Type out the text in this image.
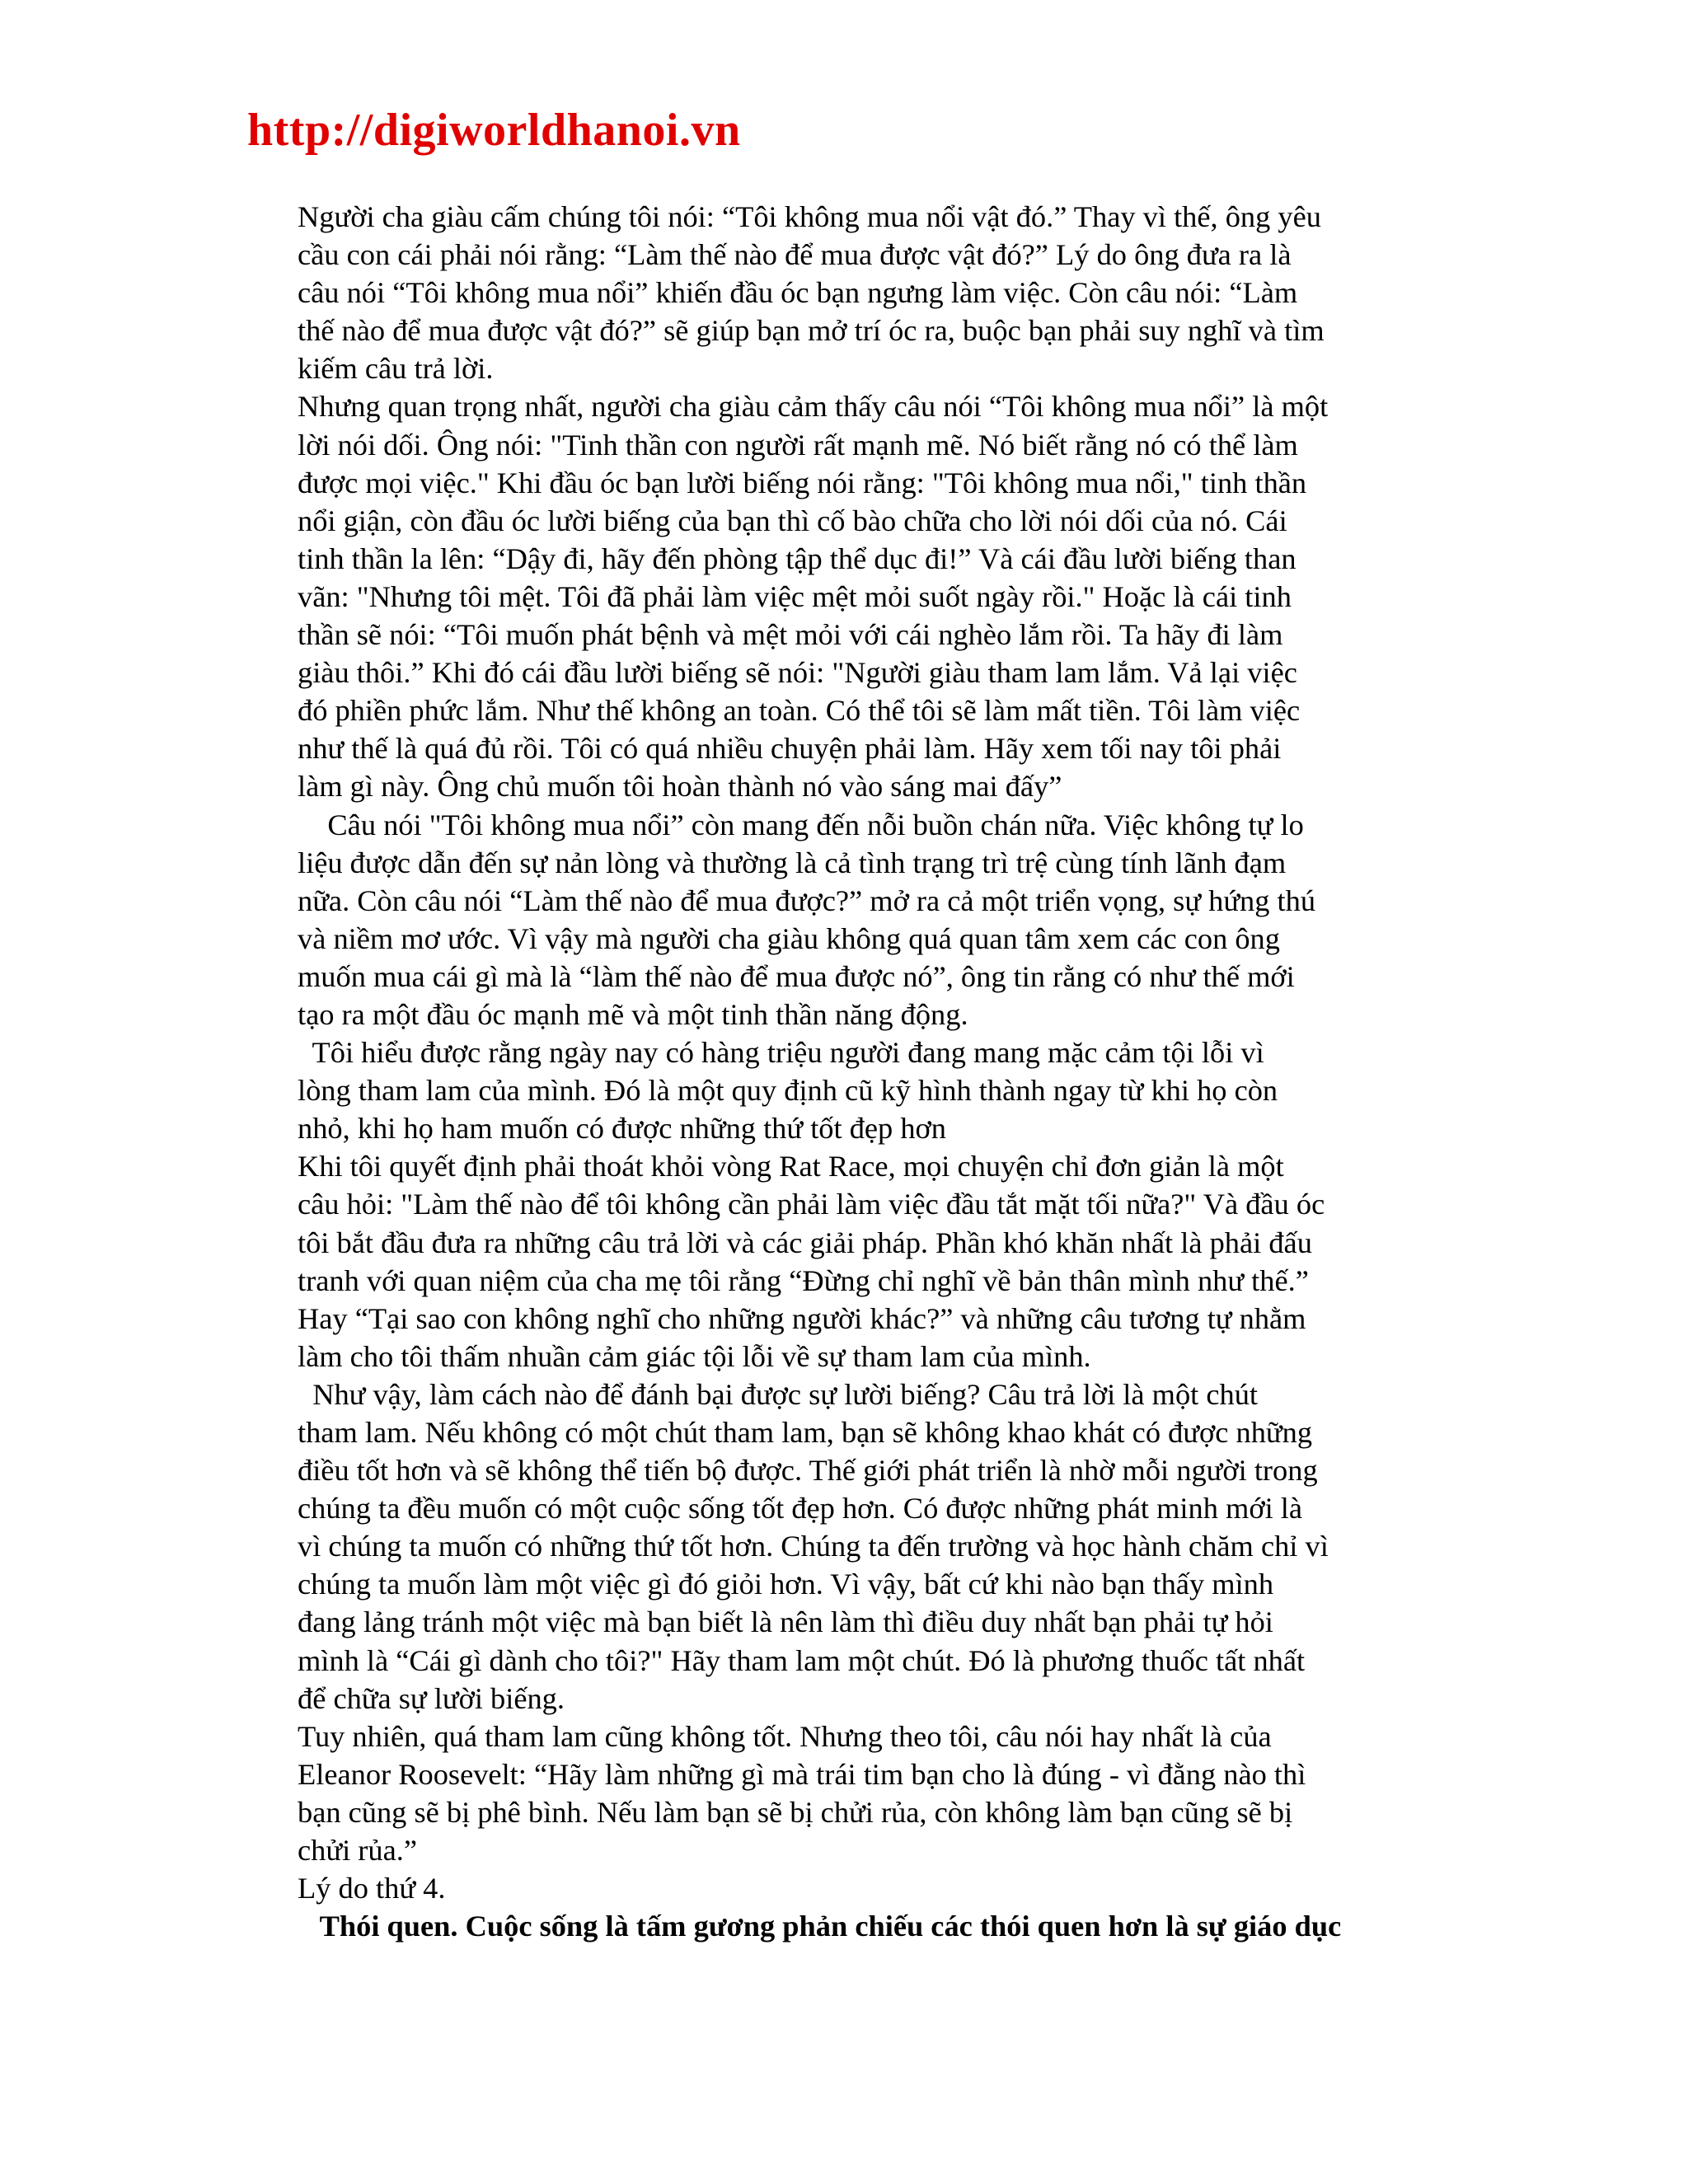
http://digiworldhanoi.vn
Người cha giàu cấm chúng tôi nói: “Tôi không mua nổi vật đó.” Thay vì thế, ông yêu
cầu con cái phải nói rằng: “Làm thế nào để mua được vật đó?” Lý do ông đưa ra là
câu nói “Tôi không mua nổi” khiến đầu óc bạn ngưng làm việc. Còn câu nói: “Làm
thế nào để mua được vật đó?” sẽ giúp bạn mở trí óc ra, buộc bạn phải suy nghĩ và tìm
kiếm câu trả lời.
Nhưng quan trọng nhất, người cha giàu cảm thấy câu nói “Tôi không mua nổi” là một
lời nói dối. Ông nói: "Tinh thần con người rất mạnh mẽ. Nó biết rằng nó có thể làm
được mọi việc." Khi đầu óc bạn lười biếng nói rằng: "Tôi không mua nổi," tinh thần
nổi giận, còn đầu óc lười biếng của bạn thì cố bào chữa cho lời nói dối của nó. Cái
tinh thần la lên: “Dậy đi, hãy đến phòng tập thể dục đi!” Và cái đầu lười biếng than
vãn: "Nhưng tôi mệt. Tôi đã phải làm việc mệt mỏi suốt ngày rồi." Hoặc là cái tinh
thần sẽ nói: “Tôi muốn phát bệnh và mệt mỏi với cái nghèo lắm rồi. Ta hãy đi làm
giàu thôi.” Khi đó cái đầu lười biếng sẽ nói: "Người giàu tham lam lắm. Vả lại việc
đó phiền phức lắm. Như thế không an toàn. Có thể tôi sẽ làm mất tiền. Tôi làm việc
như thế là quá đủ rồi. Tôi có quá nhiều chuyện phải làm. Hãy xem tối nay tôi phải
làm gì này. Ông chủ muốn tôi hoàn thành nó vào sáng mai đấy”
Câu nói "Tôi không mua nổi” còn mang đến nỗi buồn chán nữa. Việc không tự lo
liệu được dẫn đến sự nản lòng và thường là cả tình trạng trì trệ cùng tính lãnh đạm
nữa. Còn câu nói “Làm thế nào để mua được?” mở ra cả một triển vọng, sự hứng thú
và niềm mơ ước. Vì vậy mà người cha giàu không quá quan tâm xem các con ông
muốn mua cái gì mà là “làm thế nào để mua được nó”, ông tin rằng có như thế mới
tạo ra một đầu óc mạnh mẽ và một tinh thần năng động.
Tôi hiểu được rằng ngày nay có hàng triệu người đang mang mặc cảm tội lỗi vì
lòng tham lam của mình. Đó là một quy định cũ kỹ hình thành ngay từ khi họ còn
nhỏ, khi họ ham muốn có được những thứ tốt đẹp hơn
Khi tôi quyết định phải thoát khỏi vòng Rat Race, mọi chuyện chỉ đơn giản là một
câu hỏi: "Làm thế nào để tôi không cần phải làm việc đầu tắt mặt tối nữa?" Và đầu óc
tôi bắt đầu đưa ra những câu trả lời và các giải pháp. Phần khó khăn nhất là phải đấu
tranh với quan niệm của cha mẹ tôi rằng “Đừng chỉ nghĩ về bản thân mình như thế.”
Hay “Tại sao con không nghĩ cho những người khác?” và những câu tương tự nhằm
làm cho tôi thấm nhuần cảm giác tội lỗi về sự tham lam của mình.
Như vậy, làm cách nào để đánh bại được sự lười biếng? Câu trả lời là một chút
tham lam. Nếu không có một chút tham lam, bạn sẽ không khao khát có được những
điều tốt hơn và sẽ không thể tiến bộ được. Thế giới phát triển là nhờ mỗi người trong
chúng ta đều muốn có một cuộc sống tốt đẹp hơn. Có được những phát minh mới là
vì chúng ta muốn có những thứ tốt hơn. Chúng ta đến trường và học hành chăm chỉ vì
chúng ta muốn làm một việc gì đó giỏi hơn. Vì vậy, bất cứ khi nào bạn thấy mình
đang lảng tránh một việc mà bạn biết là nên làm thì điều duy nhất bạn phải tự hỏi
mình là “Cái gì dành cho tôi?" Hãy tham lam một chút. Đó là phương thuốc tất nhất
để chữa sự lười biếng.
Tuy nhiên, quá tham lam cũng không tốt. Nhưng theo tôi, câu nói hay nhất là của
Eleanor Roosevelt: “Hãy làm những gì mà trái tim bạn cho là đúng - vì đằng nào thì
bạn cũng sẽ bị phê bình. Nếu làm bạn sẽ bị chửi rủa, còn không làm bạn cũng sẽ bị
chửi rủa.”
Lý do thứ 4.
Thói quen. Cuộc sống là tấm gương phản chiếu các thói quen hơn là sự giáo dục
